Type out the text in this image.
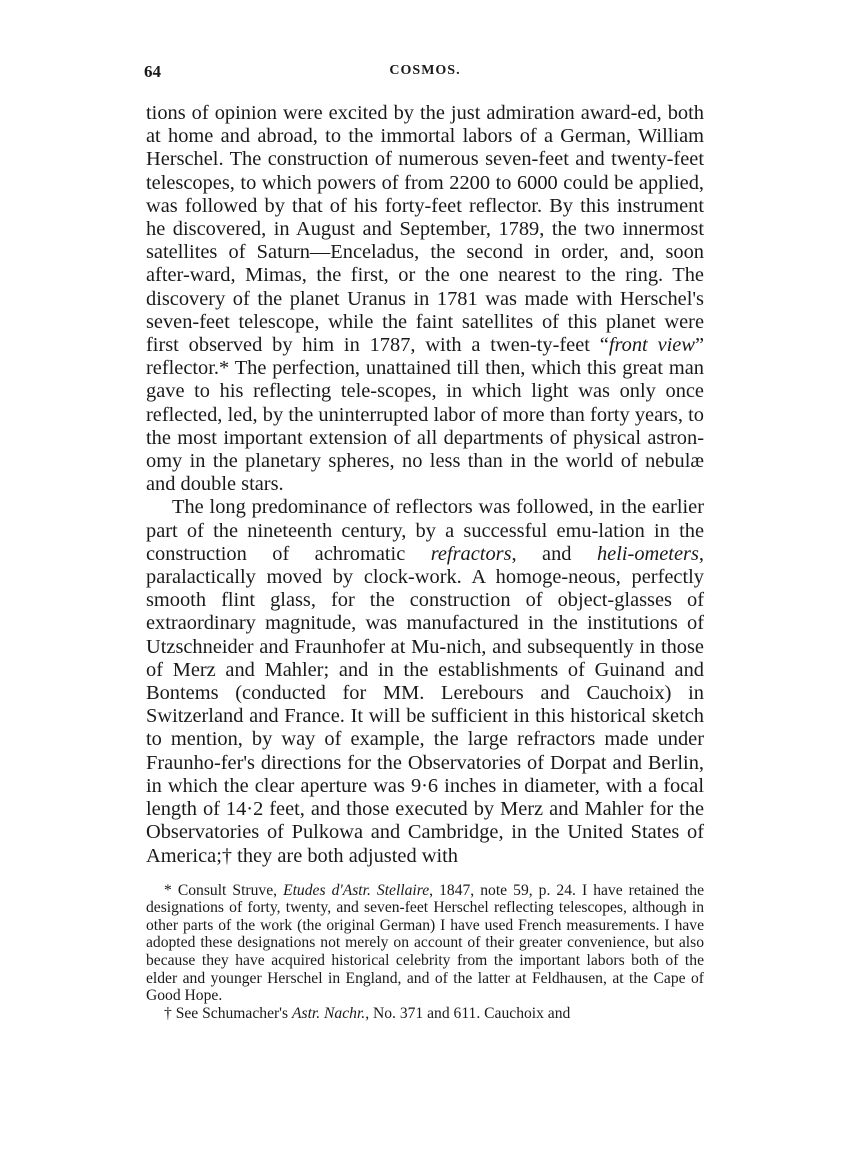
64	COSMOS.

tions of opinion were excited by the just admiration award-ed, both at home and abroad, to the immortal labors of a German, William Herschel. The construction of numerous seven-feet and twenty-feet telescopes, to which powers of from 2200 to 6000 could be applied, was followed by that of his forty-feet reflector. By this instrument he discovered, in August and September, 1789, the two innermost satellites of Saturn—Enceladus, the second in order, and, soon after-ward, Mimas, the first, or the one nearest to the ring. The discovery of the planet Uranus in 1781 was made with Herschel's seven-feet telescope, while the faint satellites of this planet were first observed by him in 1787, with a twen-ty-feet “front view” reflector.* The perfection, unattained till then, which this great man gave to his reflecting tele-scopes, in which light was only once reflected, led, by the uninterrupted labor of more than forty years, to the most important extension of all departments of physical astron-omy in the planetary spheres, no less than in the world of nebulæ and double stars.

The long predominance of reflectors was followed, in the earlier part of the nineteenth century, by a successful emu-lation in the construction of achromatic refractors, and heli-ometers, paralactically moved by clock-work. A homoge-neous, perfectly smooth flint glass, for the construction of object-glasses of extraordinary magnitude, was manufactured in the institutions of Utzschneider and Fraunhofer at Mu-nich, and subsequently in those of Merz and Mahler; and in the establishments of Guinand and Bontems (conducted for MM. Lerebours and Cauchoix) in Switzerland and France. It will be sufficient in this historical sketch to mention, by way of example, the large refractors made under Fraunho-fer's directions for the Observatories of Dorpat and Berlin, in which the clear aperture was 9·6 inches in diameter, with a focal length of 14·2 feet, and those executed by Merz and Mahler for the Observatories of Pulkowa and Cambridge, in the United States of America;† they are both adjusted with

* Consult Struve, Etudes d'Astr. Stellaire, 1847, note 59, p. 24. I have retained the designations of forty, twenty, and seven-feet Herschel reflecting telescopes, although in other parts of the work (the original German) I have used French measurements. I have adopted these designations not merely on account of their greater convenience, but also because they have acquired historical celebrity from the important labors both of the elder and younger Herschel in England, and of the latter at Feldhausen, at the Cape of Good Hope.

† See Schumacher's Astr. Nachr., No. 371 and 611. Cauchoix and
